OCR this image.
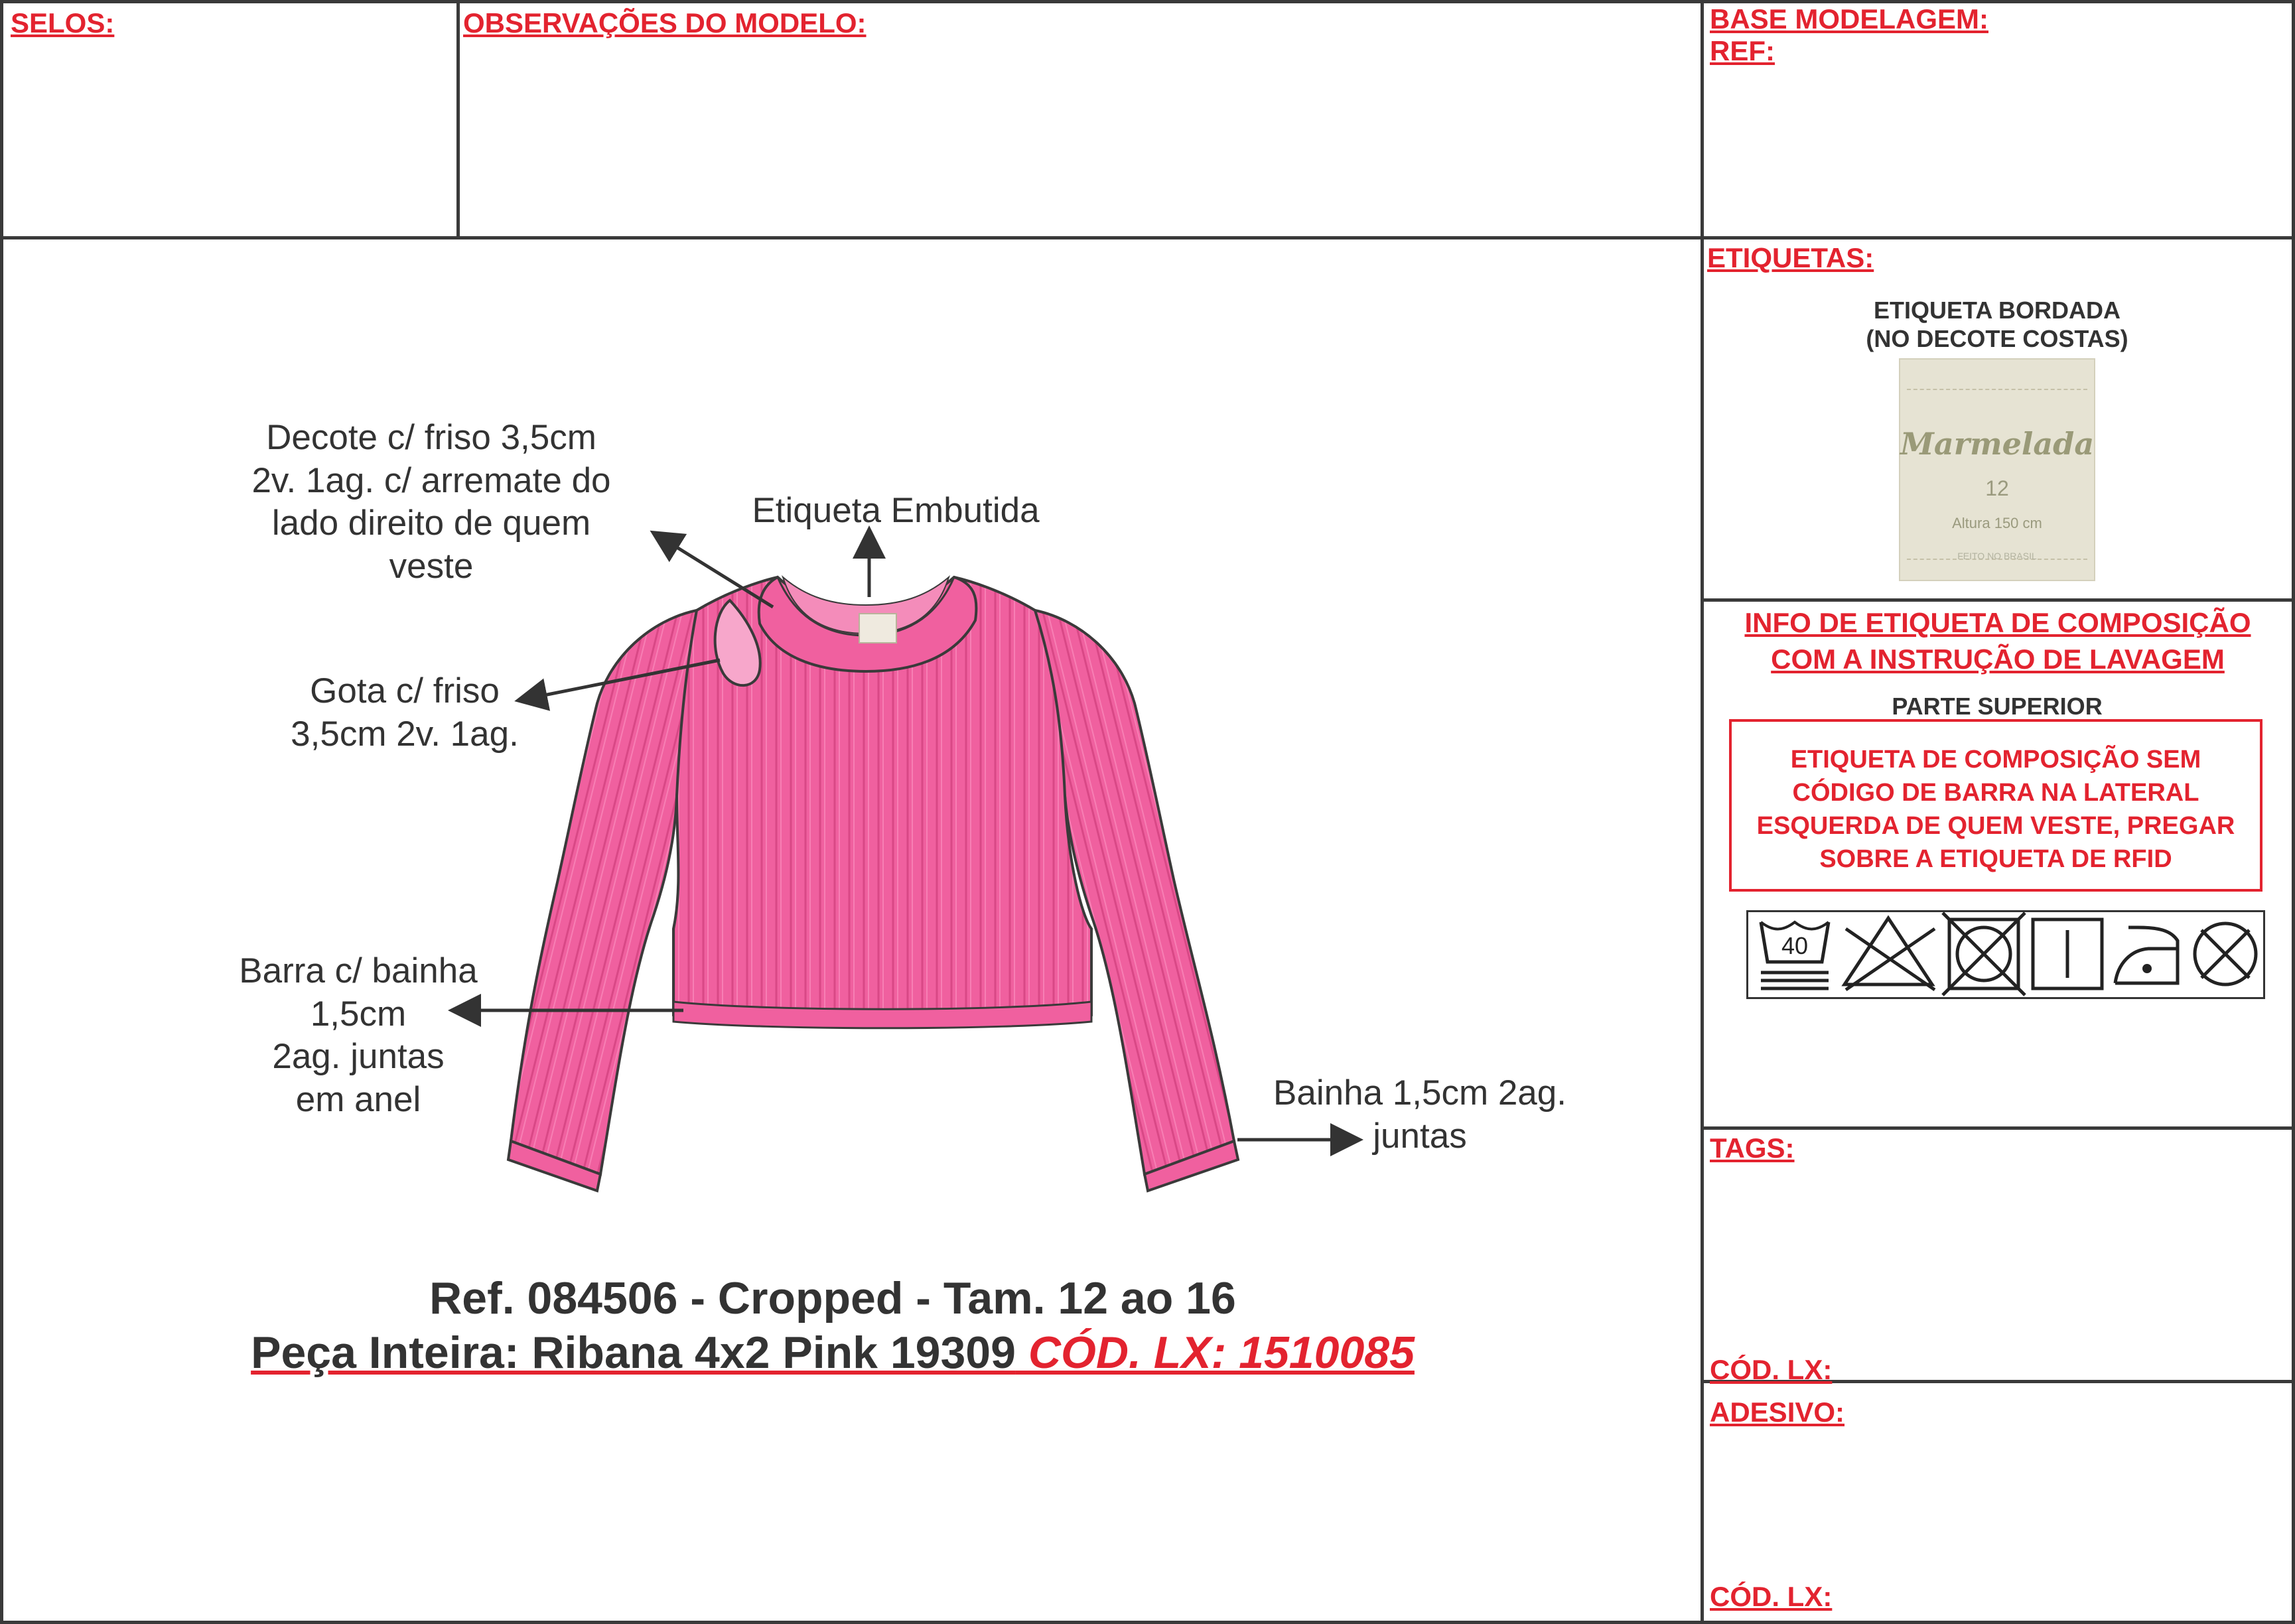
SELOS:	OBSERVAÇÕES DO MODELO:	BASE MODELAGEM:
REF:
ETIQUETAS:
TAGS:
CÓD. LX:
ADESIVO:
CÓD. LX:
Decote c/ friso 3,5cm
2v. 1ag. c/ arremate do
lado direito de quem
veste
Etiqueta Embutida
Gota c/ friso
3,5cm 2v. 1ag.
Barra c/ bainha
1,5cm
2ag. juntas
em anel	Bainha 1,5cm 2ag.
juntas
Ref. 084506 - Cropped - Tam. 12 ao 16
Peça Inteira: Ribana 4x2 Pink 19309 CÓD. LX: 1510085
ETIQUETA BORDADA
(NO DECOTE COSTAS)
Marmelada
12
Altura 150 cm
FEITO NO BRASIL
INFO DE ETIQUETA DE COMPOSIÇÃO
COM A INSTRUÇÃO DE LAVAGEM
PARTE SUPERIOR
ETIQUETA DE COMPOSIÇÃO SEM
CÓDIGO DE BARRA NA LATERAL
ESQUERDA DE QUEM VESTE, PREGAR
SOBRE A ETIQUETA DE RFID
40
